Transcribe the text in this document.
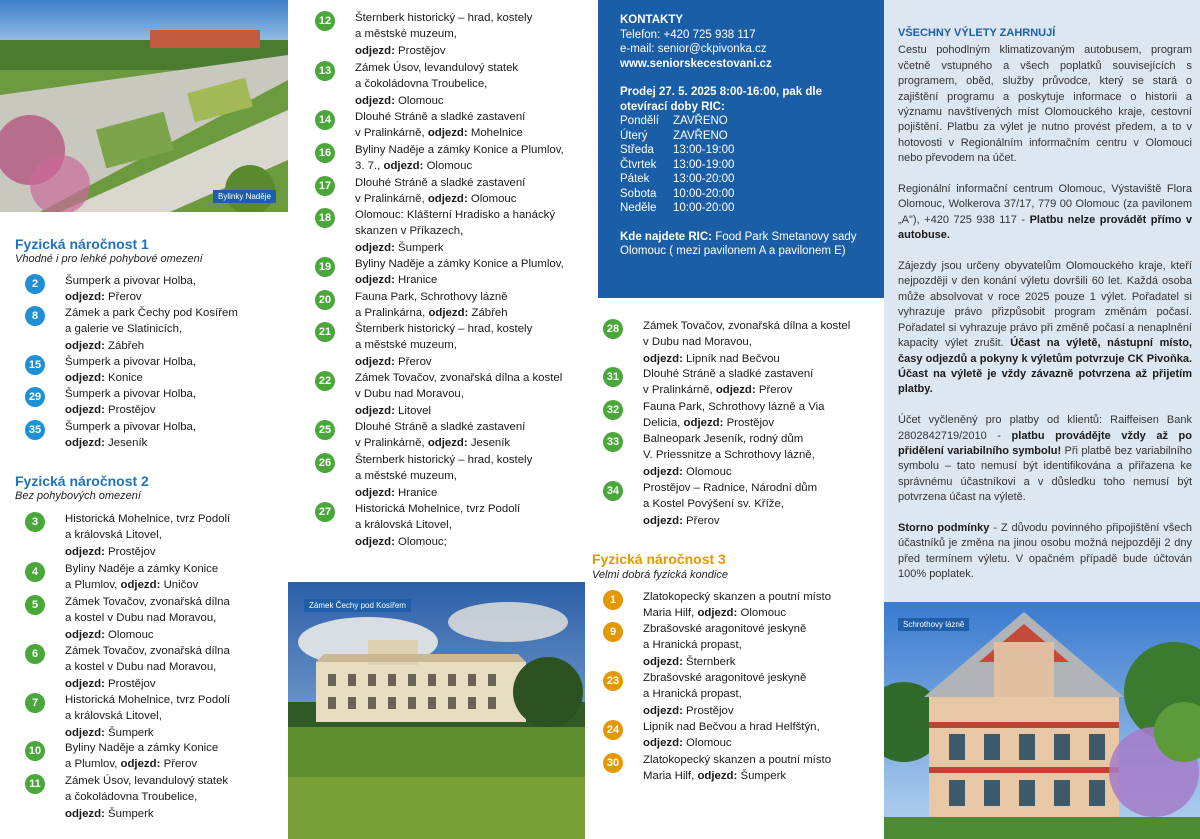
Bylinky Naděje
Fyzická náročnost 1
Vhodné i pro lehké pohybové omezení
2	Šumperk a pivovar Holba,
odjezd: Přerov
8	Zámek a park Čechy pod Kosířem
a galerie ve Slatinicích,
odjezd: Zábřeh
15	Šumperk a pivovar Holba,
odjezd: Konice
29	Šumperk a pivovar Holba,
odjezd: Prostějov
35	Šumperk a pivovar Holba,
odjezd: Jeseník
Fyzická náročnost 2
Bez pohybových omezení
3	Historická Mohelnice, tvrz Podolí
a královská Litovel,
odjezd: Prostějov
4	Byliny Naděje a zámky Konice
a Plumlov, odjezd: Uničov
5	Zámek Tovačov, zvonařská dílna
a kostel v Dubu nad Moravou,
odjezd: Olomouc
6	Zámek Tovačov, zvonařská dílna
a kostel v Dubu nad Moravou,
odjezd: Prostějov
7	Historická Mohelnice, tvrz Podolí
a královská Litovel,
odjezd: Šumperk
10	Byliny Naděje a zámky Konice
a Plumlov, odjezd: Přerov
11	Zámek Úsov, levandulový statek
a čokoládovna Troubelice,
odjezd: Šumperk
12	Šternberk historický – hrad, kostely
a městské muzeum,
odjezd: Prostějov
13	Zámek Úsov, levandulový statek
a čokoládovna Troubelice,
odjezd: Olomouc
14	Dlouhé Stráně a sladké zastavení
v Pralinkárně, odjezd: Mohelnice
16	Byliny Naděje a zámky Konice a Plumlov,
3. 7., odjezd: Olomouc
17	Dlouhé Stráně a sladké zastavení
v Pralinkárně, odjezd: Olomouc
18	Olomouc: Klášterní Hradisko a hanácký
skanzen v Příkazech,
odjezd: Šumperk
19	Byliny Naděje a zámky Konice a Plumlov,
odjezd: Hranice
20	Fauna Park, Schrothovy lázně
a Pralinkárna, odjezd: Zábřeh
21	Šternberk historický – hrad, kostely
a městské muzeum,
odjezd: Přerov
22	Zámek Tovačov, zvonařská dílna a kostel
v Dubu nad Moravou,
odjezd: Litovel
25	Dlouhé Stráně a sladké zastavení
v Pralinkárně, odjezd: Jeseník
26	Šternberk historický – hrad, kostely
a městské muzeum,
odjezd: Hranice
27	Historická Mohelnice, tvrz Podolí
a královská Litovel,
odjezd: Olomouc;
Zámek Čechy pod Kosířem
KONTAKTY
Telefon: +420 725 938 117
e-mail: senior@ckpivonka.cz
www.seniorskecestovani.cz
Prodej 27. 5. 2025 8:00-16:00, pak dle otevírací doby RIC:
Pondělí	ZAVŘENO
Úterý	ZAVŘENO
Středa	13:00-19:00
Čtvrtek	13:00-19:00
Pátek	13:00-20:00
Sobota	10:00-20:00
Neděle	10:00-20:00
Kde najdete RIC: Food Park Smetanovy sady Olomouc ( mezi pavilonem A a pavilonem E)
28	Zámek Tovačov, zvonařská dílna a kostel
v Dubu nad Moravou,
odjezd: Lipník nad Bečvou
31	Dlouhé Stráně a sladké zastavení
v Pralinkárně, odjezd: Přerov
32	Fauna Park, Schrothovy lázně a Via
Delicia, odjezd: Prostějov
33	Balneopark Jeseník, rodný dům
V. Priessnitze a Schrothovy lázně,
odjezd: Olomouc
34	Prostějov – Radnice, Národní dům
a Kostel Povýšení sv. Kříže,
odjezd: Přerov
Fyzická náročnost 3
Velmi dobrá fyzická kondice
1	Zlatokopecký skanzen a poutní místo
Maria Hilf, odjezd: Olomouc
9	Zbrašovské aragonitové jeskyně
a Hranická propast,
odjezd: Šternberk
23	Zbrašovské aragonitové jeskyně
a Hranická propast,
odjezd: Prostějov
24	Lipník nad Bečvou a hrad Helfštýn,
odjezd: Olomouc
30	Zlatokopecký skanzen a poutní místo
Maria Hilf, odjezd: Šumperk
VŠECHNY VÝLETY ZAHRNUJÍ

Cestu pohodlným klimatizovaným autobusem, program včetně vstupného a všech poplatků souvisejících s programem, oběd, služby průvodce, který se stará o zajištění programu a poskytuje informace o historii a významu navštívených míst Olomouckého kraje, cestovní pojištění. Platbu za výlet je nutno provést předem, a to v hotovosti v Regionálním informačním centru v Olomouci nebo převodem na účet.

Regionální informační centrum Olomouc, Výstaviště Flora Olomouc, Wolkerova 37/17, 779 00 Olomouc (za pavilonem „A"), +420 725 938 117 - Platbu nelze provádět přímo v autobuse.

Zájezdy jsou určeny obyvatelům Olomouckého kraje, kteří nejpozději v den konání výletu dovršili 60 let. Každá osoba může absolvovat v roce 2025 pouze 1 výlet. Pořadatel si vyhrazuje právo přizpůsobit program změnám počasí. Pořadatel si vyhrazuje právo při změně počasí a nenaplnění kapacity výlet zrušit. Účast na výletě, nástupní místo, časy odjezdů a pokyny k výletům potvrzuje CK Pivoňka. Účast na výletě je vždy závazně potvrzena až přijetím platby.

Účet vyčleněný pro platby od klientů: Raiffeisen Bank 2802842719/2010 - platbu provádějte vždy až po přidělení variabilního symbolu! Při platbě bez variabilního symbolu – tato nemusí být identifikována a přiřazena ke správnému účastníkovi a v důsledku toho nemusí být potvrzena účast na výletě.

Storno podmínky - Z důvodu povinného připojištění všech účastníků je změna na jinou osobu možná nejpozději 2 dny před termínem výletu. V opačném případě bude účtován 100% poplatek.

Schrothovy lázně
